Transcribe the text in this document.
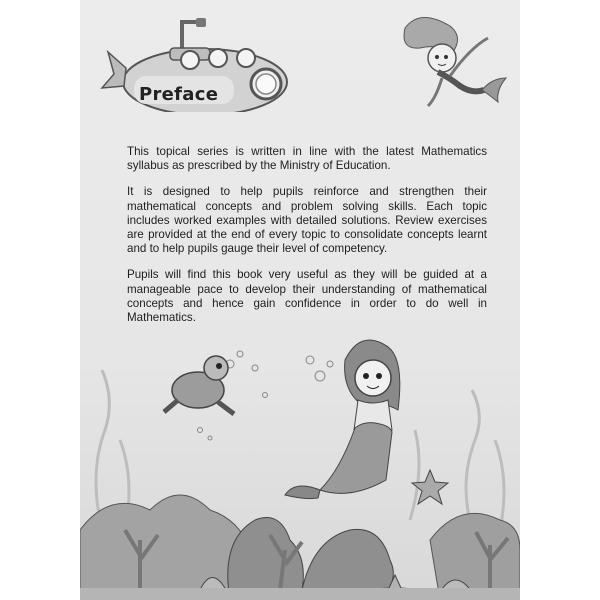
Preface

This topical series is written in line with the latest Mathematics syllabus as prescribed by the Ministry of Education.

It is designed to help pupils reinforce and strengthen their mathematical concepts and problem solving skills. Each topic includes worked examples with detailed solutions. Review exercises are provided at the end of every topic to consolidate concepts learnt and to help pupils gauge their level of competency.

Pupils will find this book very useful as they will be guided at a manageable pace to develop their understanding of mathematical concepts and hence gain confidence in order to do well in Mathematics.
